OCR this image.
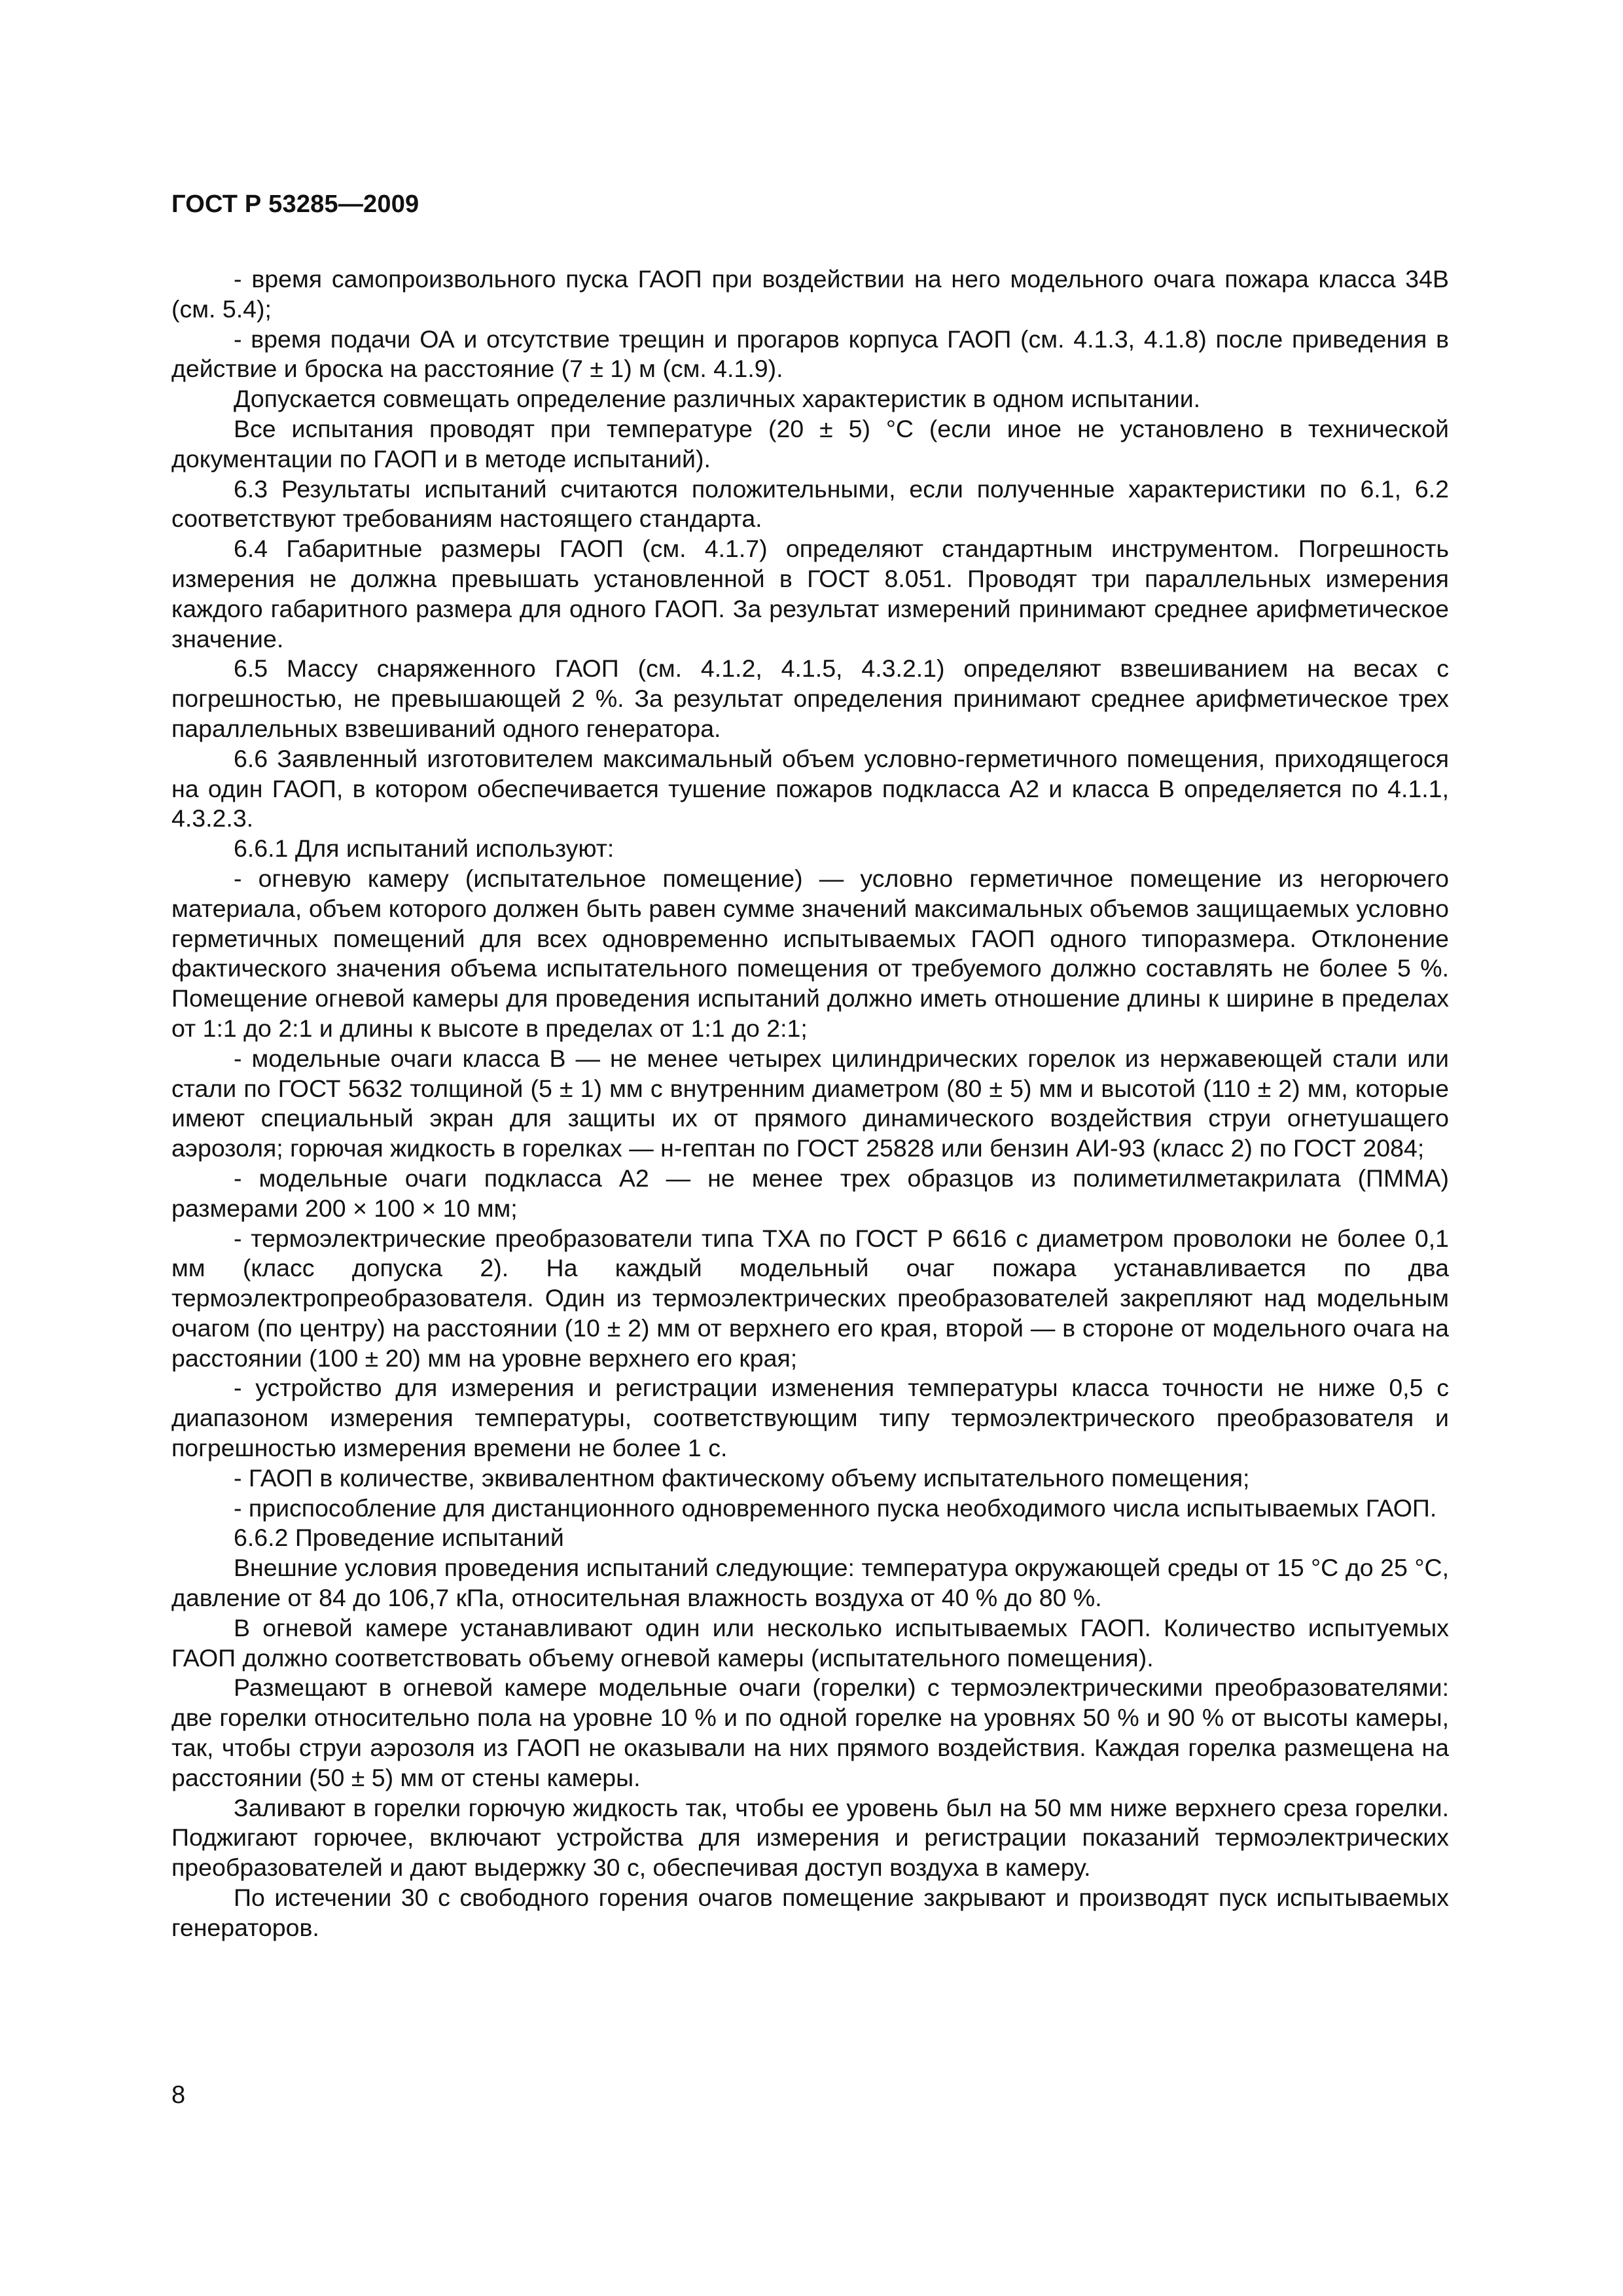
ГОСТ Р 53285—2009

- время самопроизвольного пуска ГАОП при воздействии на него модельного очага пожара класса 34В (см. 5.4);

- время подачи ОА и отсутствие трещин и прогаров корпуса ГАОП (см. 4.1.3, 4.1.8) после приведения в действие и броска на расстояние (7 ± 1) м (см. 4.1.9).

Допускается совмещать определение различных характеристик в одном испытании.

Все испытания проводят при температуре (20 ± 5) °С (если иное не установлено в технической документации по ГАОП и в методе испытаний).

6.3 Результаты испытаний считаются положительными, если полученные характеристики по 6.1, 6.2 соответствуют требованиям настоящего стандарта.

6.4 Габаритные размеры ГАОП (см. 4.1.7) определяют стандартным инструментом. Погрешность измерения не должна превышать установленной в ГОСТ 8.051. Проводят три параллельных измерения каждого габаритного размера для одного ГАОП. За результат измерений принимают среднее арифметическое значение.

6.5 Массу снаряженного ГАОП (см. 4.1.2, 4.1.5, 4.3.2.1) определяют взвешиванием на весах с погрешностью, не превышающей 2 %. За результат определения принимают среднее арифметическое трех параллельных взвешиваний одного генератора.

6.6 Заявленный изготовителем максимальный объем условно-герметичного помещения, приходящегося на один ГАОП, в котором обеспечивается тушение пожаров подкласса А2 и класса В определяется по 4.1.1, 4.3.2.3.

6.6.1 Для испытаний используют:

- огневую камеру (испытательное помещение) — условно герметичное помещение из негорючего материала, объем которого должен быть равен сумме значений максимальных объемов защищаемых условно герметичных помещений для всех одновременно испытываемых ГАОП одного типоразмера. Отклонение фактического значения объема испытательного помещения от требуемого должно составлять не более 5 %. Помещение огневой камеры для проведения испытаний должно иметь отношение длины к ширине в пределах от 1:1 до 2:1 и длины к высоте в пределах от 1:1 до 2:1;

- модельные очаги класса В — не менее четырех цилиндрических горелок из нержавеющей стали или стали по ГОСТ 5632 толщиной (5 ± 1) мм с внутренним диаметром (80 ± 5) мм и высотой (110 ± 2) мм, которые имеют специальный экран для защиты их от прямого динамического воздействия струи огнетушащего аэрозоля; горючая жидкость в горелках — н-гептан по ГОСТ 25828 или бензин АИ-93 (класс 2) по ГОСТ 2084;

- модельные очаги подкласса А2 — не менее трех образцов из полиметилметакрилата (ПММА) размерами 200 × 100 × 10 мм;

- термоэлектрические преобразователи типа ТХА по ГОСТ Р 6616 с диаметром проволоки не более 0,1 мм (класс допуска 2). На каждый модельный очаг пожара устанавливается по два термоэлектропреобразователя. Один из термоэлектрических преобразователей закрепляют над модельным очагом (по центру) на расстоянии (10 ± 2) мм от верхнего его края, второй — в стороне от модельного очага на расстоянии (100 ± 20) мм на уровне верхнего его края;

- устройство для измерения и регистрации изменения температуры класса точности не ниже 0,5 с диапазоном измерения температуры, соответствующим типу термоэлектрического преобразователя и погрешностью измерения времени не более 1 с.

- ГАОП в количестве, эквивалентном фактическому объему испытательного помещения;

- приспособление для дистанционного одновременного пуска необходимого числа испытываемых ГАОП.

6.6.2 Проведение испытаний

Внешние условия проведения испытаний следующие: температура окружающей среды от 15 °С до 25 °С, давление от 84 до 106,7 кПа, относительная влажность воздуха от 40 % до 80 %.

В огневой камере устанавливают один или несколько испытываемых ГАОП. Количество испытуемых ГАОП должно соответствовать объему огневой камеры (испытательного помещения).

Размещают в огневой камере модельные очаги (горелки) с термоэлектрическими преобразователями: две горелки относительно пола на уровне 10 % и по одной горелке на уровнях 50 % и 90 % от высоты камеры, так, чтобы струи аэрозоля из ГАОП не оказывали на них прямого воздействия. Каждая горелка размещена на расстоянии (50 ± 5) мм от стены камеры.

Заливают в горелки горючую жидкость так, чтобы ее уровень был на 50 мм ниже верхнего среза горелки. Поджигают горючее, включают устройства для измерения и регистрации показаний термоэлектрических преобразователей и дают выдержку 30 с, обеспечивая доступ воздуха в камеру.

По истечении 30 с свободного горения очагов помещение закрывают и производят пуск испытываемых генераторов.

8
